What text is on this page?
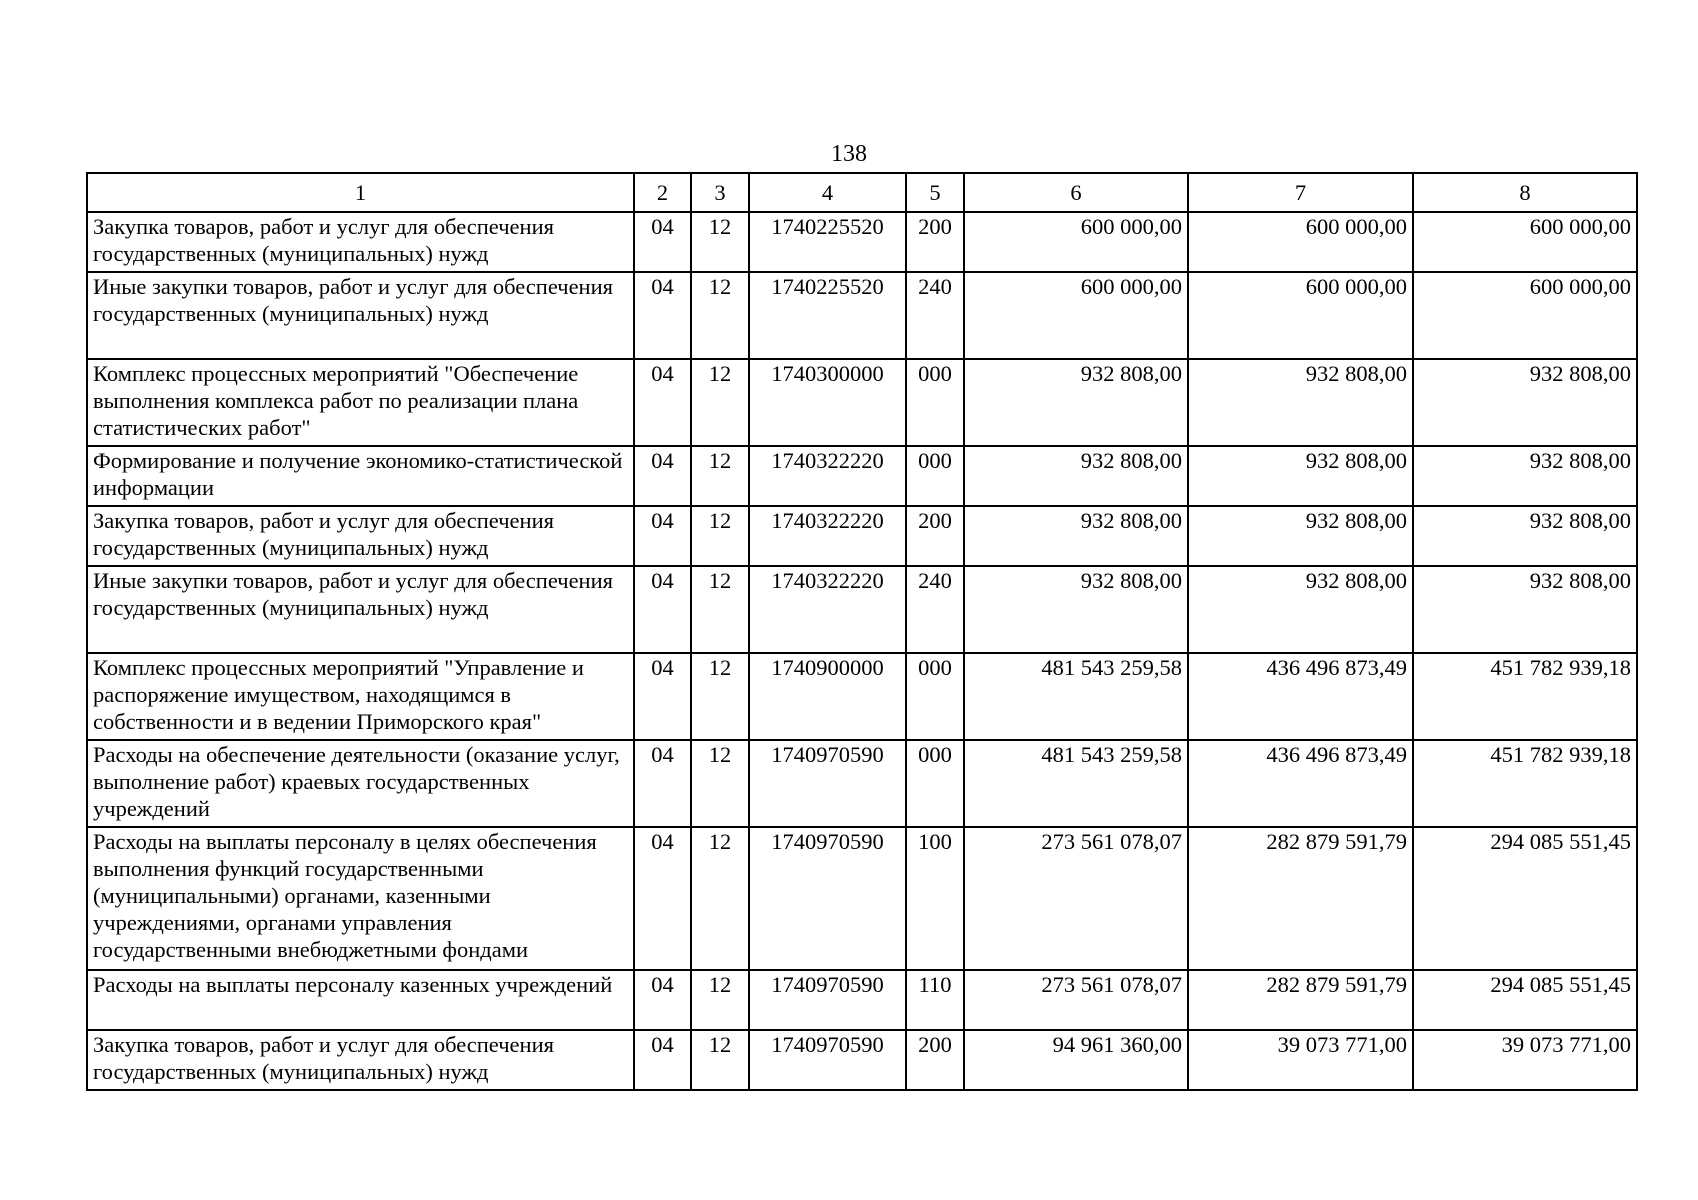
138
1	2	3	4	5	6	7	8
Закупка товаров, работ и услуг для обеспечения государственных (муниципальных) нужд	04	12	1740225520	200	600 000,00	600 000,00	600 000,00
Иные закупки товаров, работ и услуг для обеспечения государственных (муниципальных) нужд	04	12	1740225520	240	600 000,00	600 000,00	600 000,00
Комплекс процессных мероприятий "Обеспечение выполнения комплекса работ по реализации плана статистических работ"	04	12	1740300000	000	932 808,00	932 808,00	932 808,00
Формирование и получение экономико-статистической информации	04	12	1740322220	000	932 808,00	932 808,00	932 808,00
Закупка товаров, работ и услуг для обеспечения государственных (муниципальных) нужд	04	12	1740322220	200	932 808,00	932 808,00	932 808,00
Иные закупки товаров, работ и услуг для обеспечения государственных (муниципальных) нужд	04	12	1740322220	240	932 808,00	932 808,00	932 808,00
Комплекс процессных мероприятий "Управление и распоряжение имуществом, находящимся в собственности и в ведении Приморского края"	04	12	1740900000	000	481 543 259,58	436 496 873,49	451 782 939,18
Расходы на обеспечение деятельности (оказание услуг, выполнение работ) краевых государственных учреждений	04	12	1740970590	000	481 543 259,58	436 496 873,49	451 782 939,18
Расходы на выплаты персоналу в целях обеспечения выполнения функций государственными (муниципальными) органами, казенными учреждениями, органами управления государственными внебюджетными фондами	04	12	1740970590	100	273 561 078,07	282 879 591,79	294 085 551,45
Расходы на выплаты персоналу казенных учреждений	04	12	1740970590	110	273 561 078,07	282 879 591,79	294 085 551,45
Закупка товаров, работ и услуг для обеспечения государственных (муниципальных) нужд	04	12	1740970590	200	94 961 360,00	39 073 771,00	39 073 771,00
